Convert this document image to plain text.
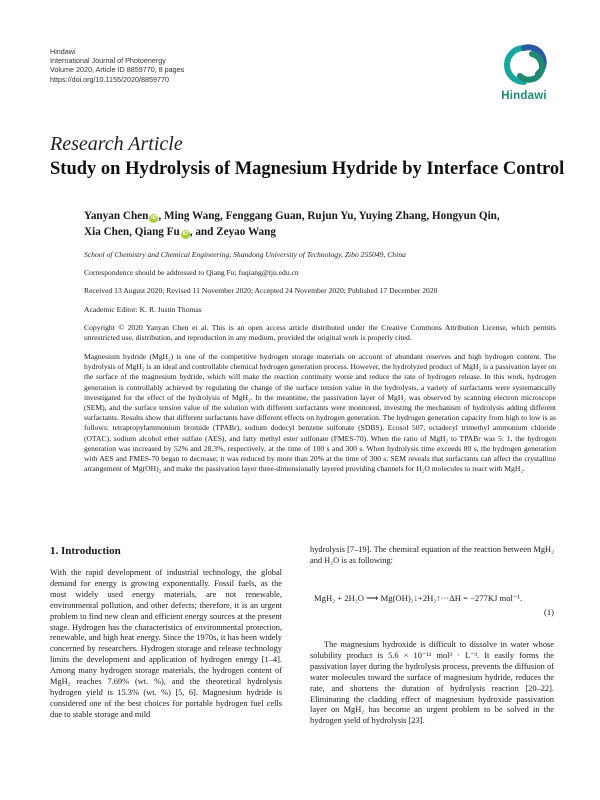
Hindawi
International Journal of Photoenergy
Volume 2020, Article ID 8859770, 8 pages
https://doi.org/10.1155/2020/8859770
Hindawi
Research Article
Study on Hydrolysis of Magnesium Hydride by Interface Control
Yanyan Chen iD , Ming Wang, Fenggang Guan, Rujun Yu, Yuying Zhang, Hongyun Qin,
Xia Chen, Qiang Fu iD , and Zeyao Wang
School of Chemistry and Chemical Engineering, Shandong University of Technology, Zibo 255049, China
Correspondence should be addressed to Qiang Fu; fuqiang@tju.edu.cn
Received 13 August 2020; Revised 11 November 2020; Accepted 24 November 2020; Published 17 December 2020
Academic Editor: K. R. Justin Thomas
Copyright © 2020 Yanyan Chen et al. This is an open access article distributed under the Creative Commons Attribution License, which permits unrestricted use, distribution, and reproduction in any medium, provided the original work is properly cited.
Magnesium hydride (MgH₂) is one of the competitive hydrogen storage materials on account of abundant reserves and high hydrogen content. The hydrolysis of MgH₂ is an ideal and controllable chemical hydrogen generation process. However, the hydrolyzed product of MgH₂ is a passivation layer on the surface of the magnesium hydride, which will make the reaction continuity worse and reduce the rate of hydrogen release. In this work, hydrogen generation is controllably achieved by regulating the change of the surface tension value in the hydrolysis, a variety of surfactants were systematically investigated for the effect of the hydrolysis of MgH₂. In the meantime, the passivation layer of MgH₂ was observed by scanning electron microscope (SEM), and the surface tension value of the solution with different surfactants were monitored, investing the mechanism of hydrolysis adding different surfactants. Results show that different surfactants have different effects on hydrogen generation. The hydrogen generation capacity from high to low is as follows: tetrapropylammonium bromide (TPABr), sodium dodecyl benzene sulfonate (SDBS), Ecosol 507, octadecyl trimethyl ammonium chloride (OTAC), sodium alcohol ether sulfate (AES), and fatty methyl ester sulfonate (FMES-70). When the ratio of MgH₂ to TPABr was 5: 1, the hydrogen generation was increased by 52% and 28.3%, respectively, at the time of 100 s and 300 s. When hydrolysis time exceeds 80 s, the hydrogen generation with AES and FMES-70 began to decrease; it was reduced by more than 20% at the time of 300 s. SEM reveals that surfactants can affect the crystalline arrangement of Mg(OH)₂ and make the passivation layer three-dimensionally layered providing channels for H₂O molecules to react with MgH₂.
1. Introduction
With the rapid development of industrial technology, the global demand for energy is growing exponentially. Fossil fuels, as the most widely used energy materials, are not renewable, environmental pollution, and other defects; therefore, it is an urgent problem to find new clean and efficient energy sources at the present stage. Hydrogen has the characteristics of environmental protection, renewable, and high heat energy. Since the 1970s, it has been widely concerned by researchers. Hydrogen storage and release technology limits the development and application of hydrogen energy [1–4]. Among many hydrogen storage materials, the hydrogen content of MgH₂ reaches 7.69% (wt. %), and the theoretical hydrolysis hydrogen yield is 15.3% (wt. %) [5, 6]. Magnesium hydride is considered one of the best choices for portable hydrogen fuel cells due to stable storage and mild
hydrolysis [7–19]. The chemical equation of the reaction between MgH₂ and H₂O is as following:
MgH₂ + 2H₂O ⟶ Mg(OH)₂↓+2H₂↑···ΔH = −277KJ mol⁻¹.
(1)
The magnesium hydroxide is difficult to dissolve in water whose solubility product is 5.6 × 10⁻¹² mol³ · L⁻³. It easily forms the passivation layer during the hydrolysis process, prevents the diffusion of water molecules toward the surface of magnesium hydride, reduces the rate, and shortens the duration of hydrolysis reaction [20–22]. Eliminating the cladding effect of magnesium hydroxide passivation layer on MgH₂ has become an urgent problem to be solved in the hydrogen yield of hydrolysis [23].
